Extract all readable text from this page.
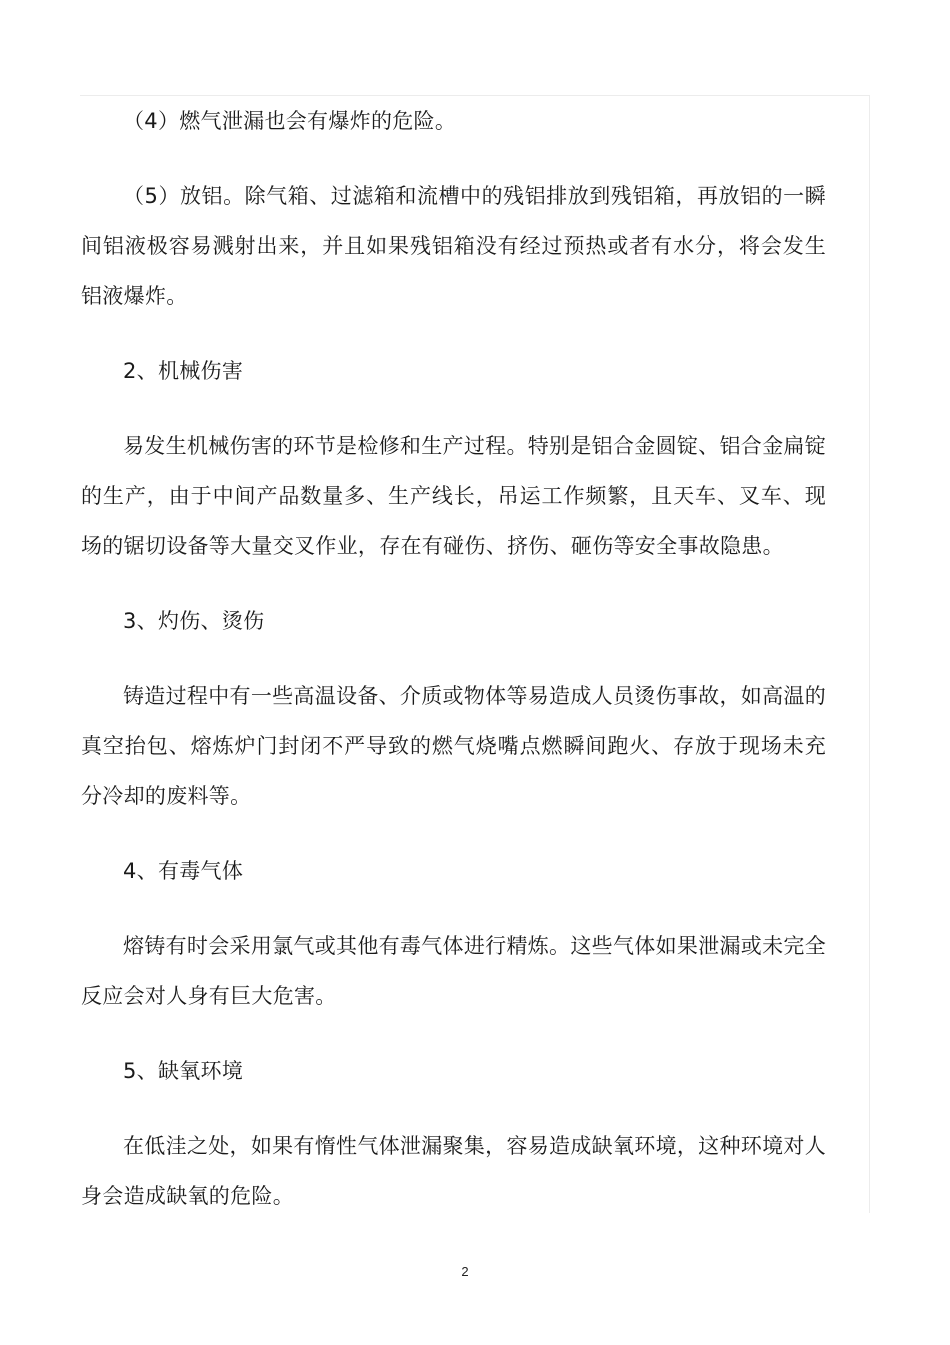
（4）燃气泄漏也会有爆炸的危险。

（5）放铝。除气箱、过滤箱和流槽中的残铝排放到残铝箱，再放铝的一瞬间铝液极容易溅射出来，并且如果残铝箱没有经过预热或者有水分，将会发生铝液爆炸。

2、机械伤害

易发生机械伤害的环节是检修和生产过程。特别是铝合金圆锭、铝合金扁锭的生产，由于中间产品数量多、生产线长，吊运工作频繁，且天车、叉车、现场的锯切设备等大量交叉作业，存在有碰伤、挤伤、砸伤等安全事故隐患。

3、灼伤、烫伤

铸造过程中有一些高温设备、介质或物体等易造成人员烫伤事故，如高温的真空抬包、熔炼炉门封闭不严导致的燃气烧嘴点燃瞬间跑火、存放于现场未充分冷却的废料等。

4、有毒气体

熔铸有时会采用氯气或其他有毒气体进行精炼。这些气体如果泄漏或未完全反应会对人身有巨大危害。

5、缺氧环境

在低洼之处，如果有惰性气体泄漏聚集，容易造成缺氧环境，这种环境对人身会造成缺氧的危险。

2
